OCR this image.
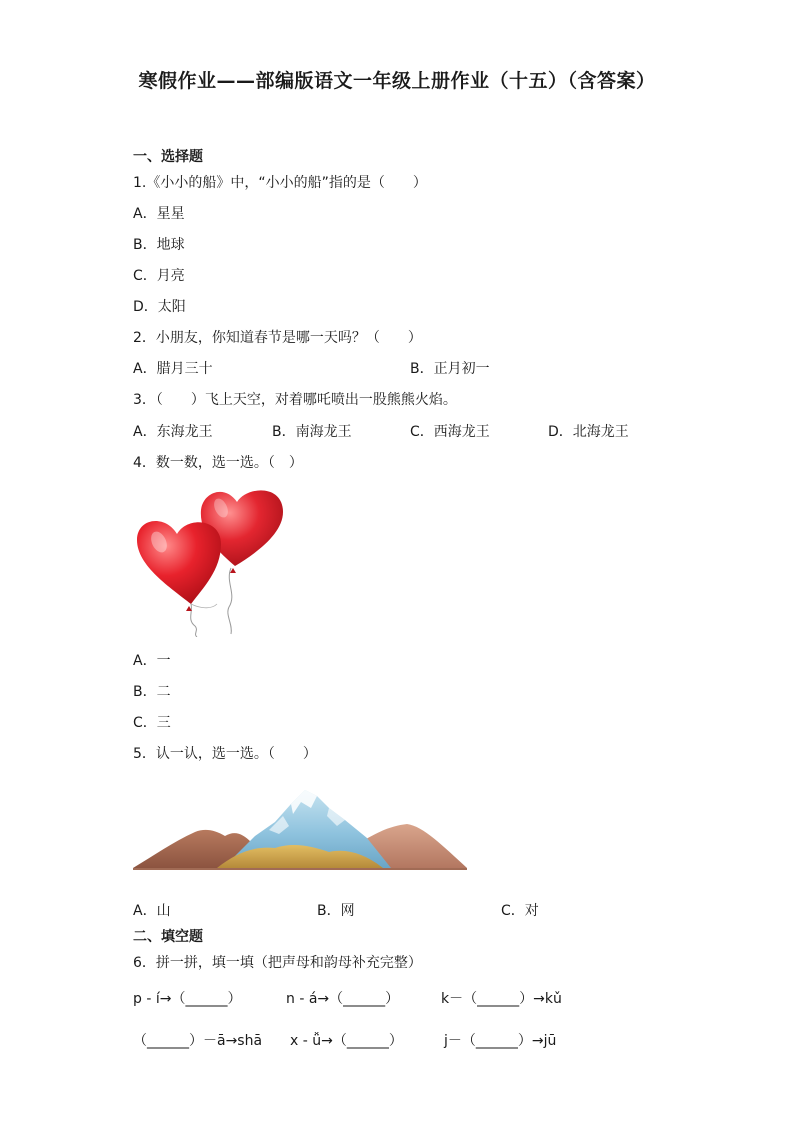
寒假作业——部编版语文一年级上册作业（十五）（含答案）
一、选择题
1.《小小的船》中，“小小的船”指的是（　　）
A．星星
B．地球
C．月亮
D．太阳
2．小朋友，你知道春节是哪一天吗？（　　）
A．腊月三十	B．正月初一
3．（　　）飞上天空，对着哪吒喷出一股熊熊火焰。
A．东海龙王	B．南海龙王	C．西海龙王	D．北海龙王
4．数一数，选一选。（　）
A．一
B．二
C．三
5．认一认，选一选。（　　）
A．山	B．网	C．对
二、填空题
6．拼一拼，填一填（把声母和韵母补充完整）
p - í→（______）	n - á→（______）	k－（______）→kǔ
（______）－ā→shā x - ǚ→（______）	j－（______）→jū
